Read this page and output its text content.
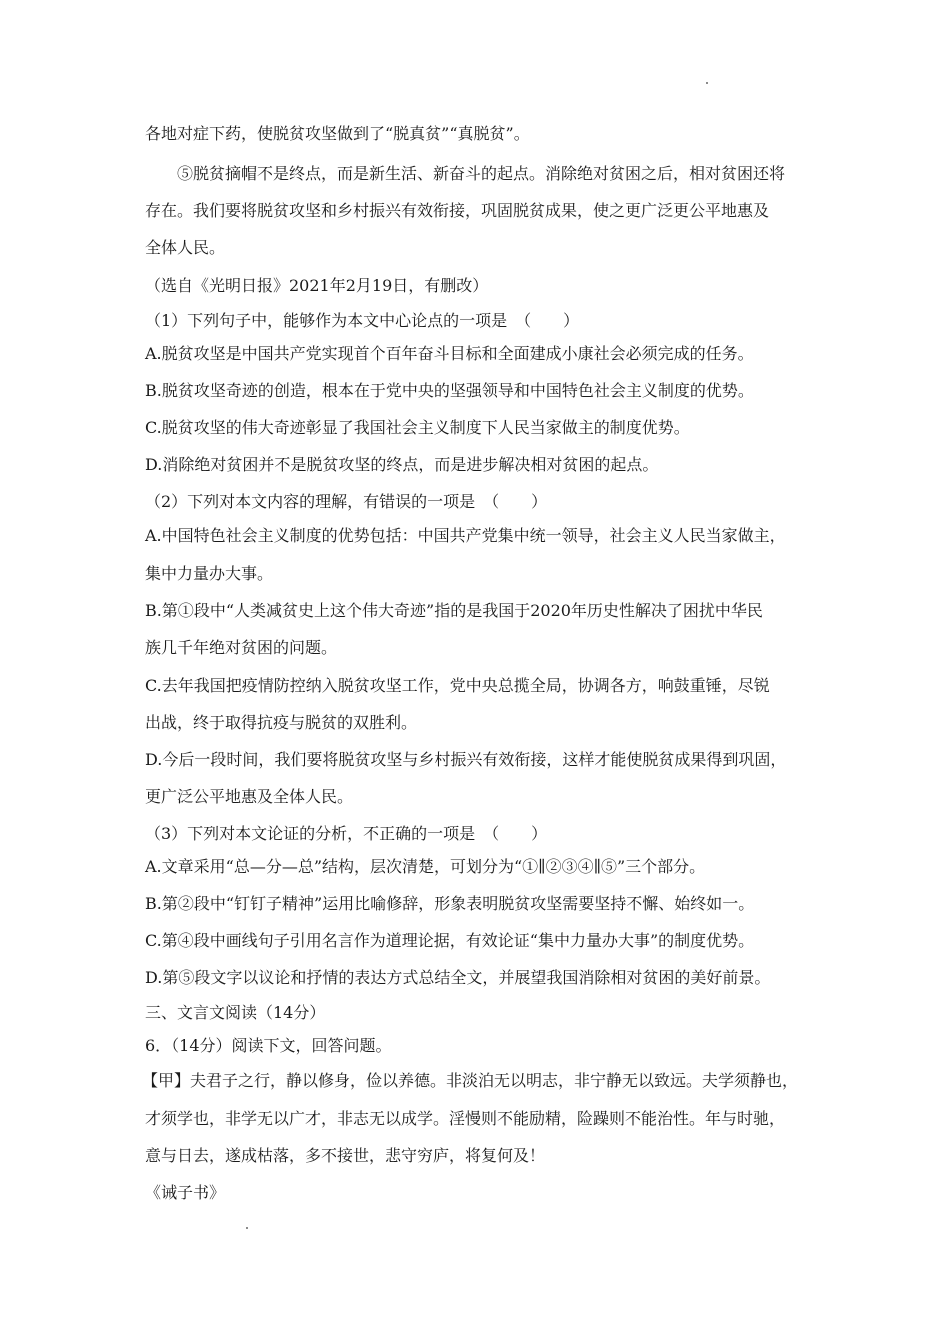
各地对症下药，使脱贫攻坚做到了“脱真贫”“真脱贫”。
⑤脱贫摘帽不是终点，而是新生活、新奋斗的起点。消除绝对贫困之后，相对贫困还将
存在。我们要将脱贫攻坚和乡村振兴有效衔接，巩固脱贫成果，使之更广泛更公平地惠及
全体人民。
（选自《光明日报》2021年2月19日，有删改）
（1）下列句子中，能够作为本文中心论点的一项是　（　　）
A.脱贫攻坚是中国共产党实现首个百年奋斗目标和全面建成小康社会必须完成的任务。
B.脱贫攻坚奇迹的创造，根本在于党中央的坚强领导和中国特色社会主义制度的优势。
C.脱贫攻坚的伟大奇迹彰显了我国社会主义制度下人民当家做主的制度优势。
D.消除绝对贫困并不是脱贫攻坚的终点，而是进步解决相对贫困的起点。
（2）下列对本文内容的理解，有错误的一项是　（　　）
A.中国特色社会主义制度的优势包括：中国共产党集中统一领导，社会主义人民当家做主，
集中力量办大事。
B.第①段中“人类减贫史上这个伟大奇迹”指的是我国于2020年历史性解决了困扰中华民
族几千年绝对贫困的问题。
C.去年我国把疫情防控纳入脱贫攻坚工作，党中央总揽全局，协调各方，响鼓重锤，尽锐
出战，终于取得抗疫与脱贫的双胜利。
D.今后一段时间，我们要将脱贫攻坚与乡村振兴有效衔接，这样才能使脱贫成果得到巩固，
更广泛公平地惠及全体人民。
（3）下列对本文论证的分析，不正确的一项是　（　　）
A.文章采用“总—分—总”结构，层次清楚，可划分为“①∥②③④∥⑤”三个部分。
B.第②段中“钉钉子精神”运用比喻修辞，形象表明脱贫攻坚需要坚持不懈、始终如一。
C.第④段中画线句子引用名言作为道理论据，有效论证“集中力量办大事”的制度优势。
D.第⑤段文字以议论和抒情的表达方式总结全文，并展望我国消除相对贫困的美好前景。
三、文言文阅读（14分）
6．（14分）阅读下文，回答问题。
【甲】夫君子之行，静以修身，俭以养德。非淡泊无以明志，非宁静无以致远。夫学须静也，
才须学也，非学无以广才，非志无以成学。淫慢则不能励精，险躁则不能治性。年与时驰，
意与日去，遂成枯落，多不接世，悲守穷庐，将复何及！
《诫子书》
